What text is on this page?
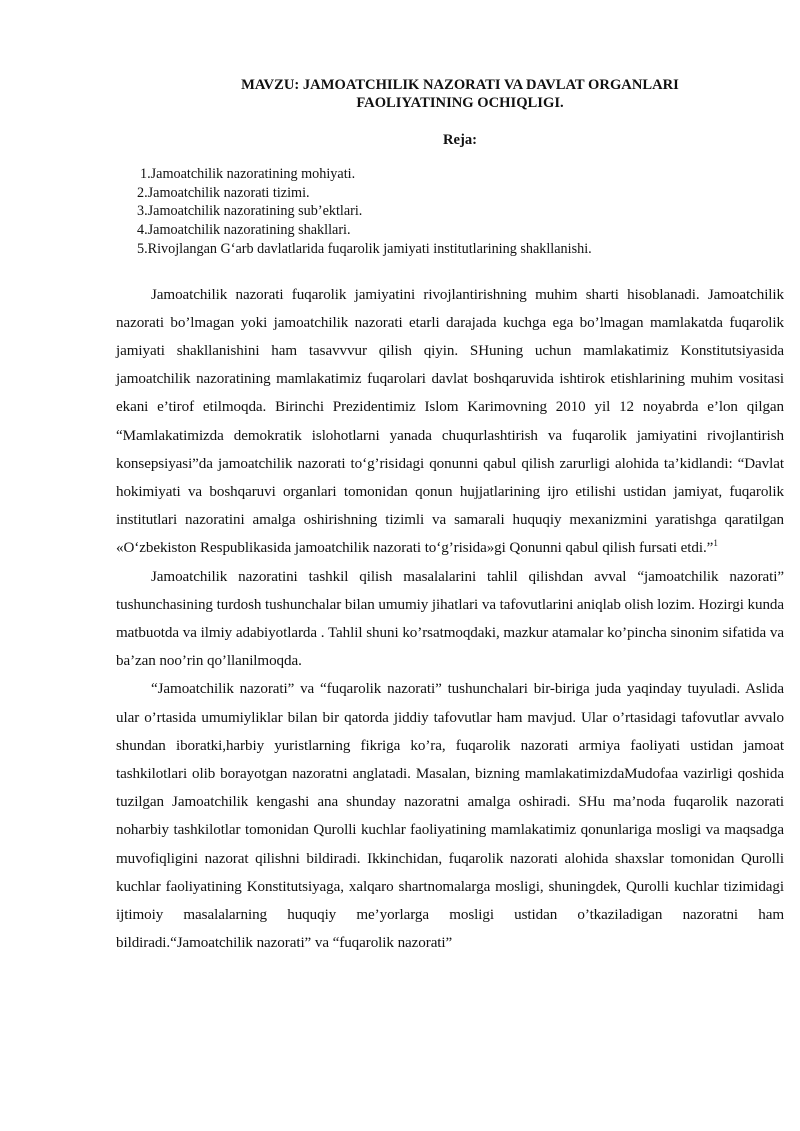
MAVZU: JAMOATCHILIK NAZORATI VA DAVLAT ORGANLARI
FAOLIYATINING OCHIQLIGI.
Reja:
1.Jamoatchilik nazoratining mohiyati.
2.Jamoatchilik nazorati tizimi.
3.Jamoatchilik nazoratining sub’ektlari.
4.Jamoatchilik nazoratining shakllari.
5.Rivojlangan G‘arb davlatlarida fuqarolik jamiyati institutlarining shakllanishi.

Jamoatchilik nazorati fuqarolik jamiyatini rivojlantirishning muhim sharti hisoblanadi. Jamoatchilik nazorati bo’lmagan yoki jamoatchilik nazorati etarli darajada kuchga ega bo’lmagan mamlakatda fuqarolik jamiyati shakllanishini ham tasavvvur qilish qiyin. SHuning uchun mamlakatimiz Konstitutsiyasida jamoatchilik nazoratining mamlakatimiz fuqarolari davlat boshqaruvida ishtirok etishlarining muhim vositasi ekani e’tirof etilmoqda. Birinchi Prezidentimiz Islom Karimovning 2010 yil 12 noyabrda e’lon qilgan “Mamlakatimizda demokratik islohotlarni yanada chuqurlashtirish va fuqarolik jamiyatini rivojlantirish konsepsiyasi”da jamoatchilik nazorati to‘g’risidagi qonunni qabul qilish zarurligi alohida ta’kidlandi: “Davlat hokimiyati va boshqaruvi organlari tomonidan qonun hujjatlarining ijro etilishi ustidan jamiyat, fuqarolik institutlari nazoratini amalga oshirishning tizimli va samarali huquqiy mexanizmini yaratishga qaratilgan «O‘zbekiston Respublikasida jamoatchilik nazorati to‘g’risida»gi Qonunni qabul qilish fursati etdi.”$^1$

Jamoatchilik nazoratini tashkil qilish masalalarini tahlil qilishdan avval “jamoatchilik nazorati” tushunchasining turdosh tushunchalar bilan umumiy jihatlari va tafovutlarini aniqlab olish lozim. Hozirgi kunda matbuotda va ilmiy adabiyotlarda . Tahlil shuni ko’rsatmoqdaki, mazkur atamalar ko’pincha sinonim sifatida va ba’zan noo’rin qo’llanilmoqda.

“Jamoatchilik nazorati” va “fuqarolik nazorati” tushunchalari bir-biriga juda yaqinday tuyuladi. Aslida ular o’rtasida umumiyliklar bilan bir qatorda jiddiy tafovutlar ham mavjud. Ular o’rtasidagi tafovutlar avvalo shundan iboratki,harbiy yuristlarning fikriga ko’ra, fuqarolik nazorati armiya faoliyati ustidan jamoat tashkilotlari olib borayotgan nazoratni anglatadi. Masalan, bizning mamlakatimizdaMudofaa vazirligi qoshida tuzilgan Jamoatchilik kengashi ana shunday nazoratni amalga oshiradi. SHu ma’noda fuqarolik nazorati noharbiy tashkilotlar tomonidan Qurolli kuchlar faoliyatining mamlakatimiz qonunlariga mosligi va maqsadga muvofiqligini nazorat qilishni bildiradi. Ikkinchidan, fuqarolik nazorati alohida shaxslar tomonidan Qurolli kuchlar faoliyatining Konstitutsiyaga, xalqaro shartnomalarga mosligi, shuningdek, Qurolli kuchlar tizimidagi ijtimoiy masalalarning huquqiy me’yorlarga mosligi ustidan o’tkaziladigan nazoratni ham bildiradi.“Jamoatchilik nazorati” va “fuqarolik nazorati”
